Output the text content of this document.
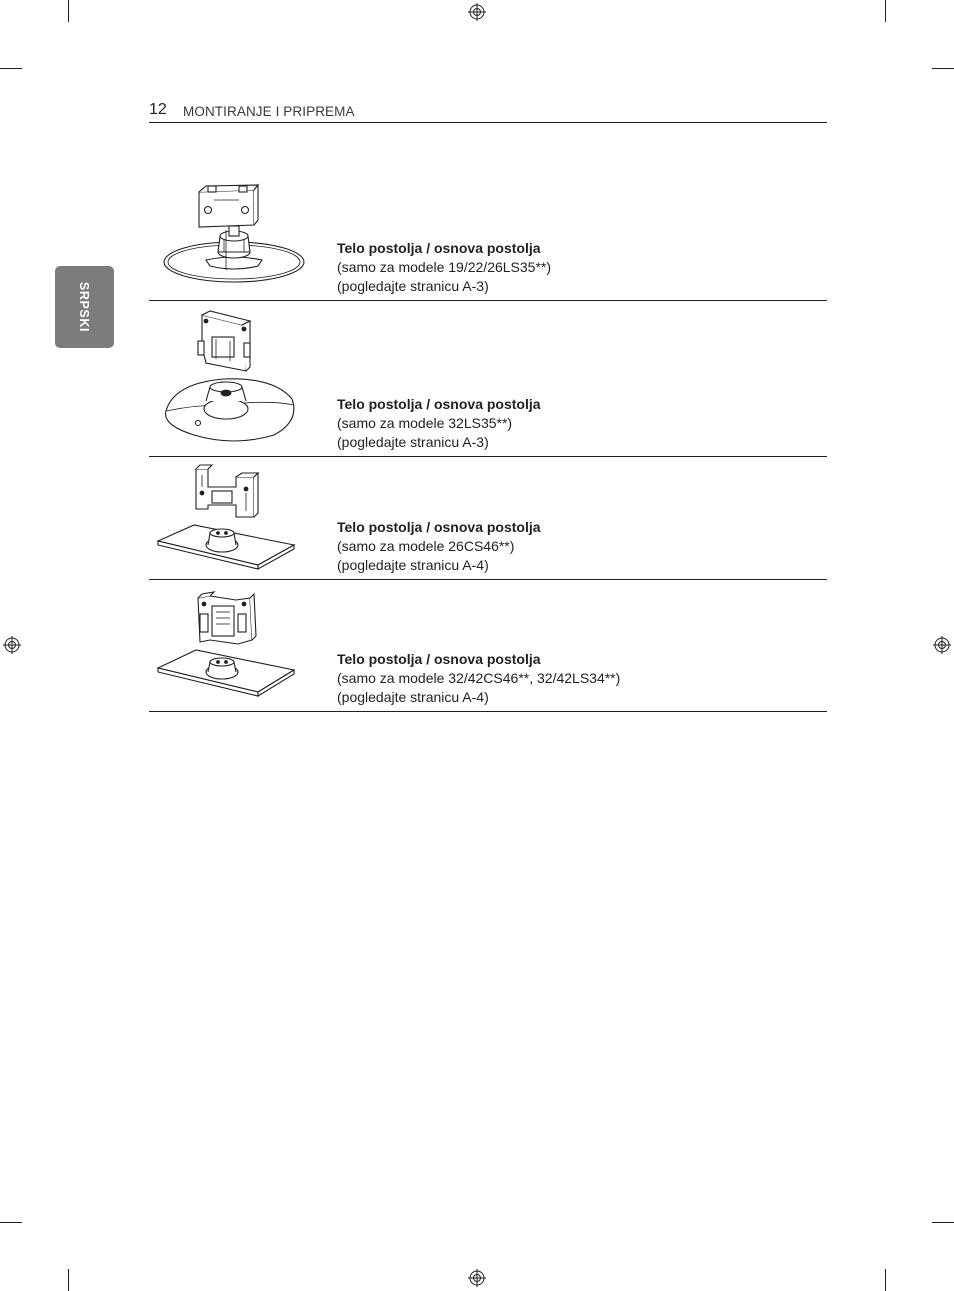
12 MONTIRANJE I PRIPREMA
SRPSKI
Telo postolja / osnova postolja
(samo za modele 19/22/26LS35**)
(pogledajte stranicu A-3)
Telo postolja / osnova postolja
(samo za modele 32LS35**)
(pogledajte stranicu A-3)
Telo postolja / osnova postolja
(samo za modele 26CS46**)
(pogledajte stranicu A-4)
Telo postolja / osnova postolja
(samo za modele 32/42CS46**, 32/42LS34**)
(pogledajte stranicu A-4)
